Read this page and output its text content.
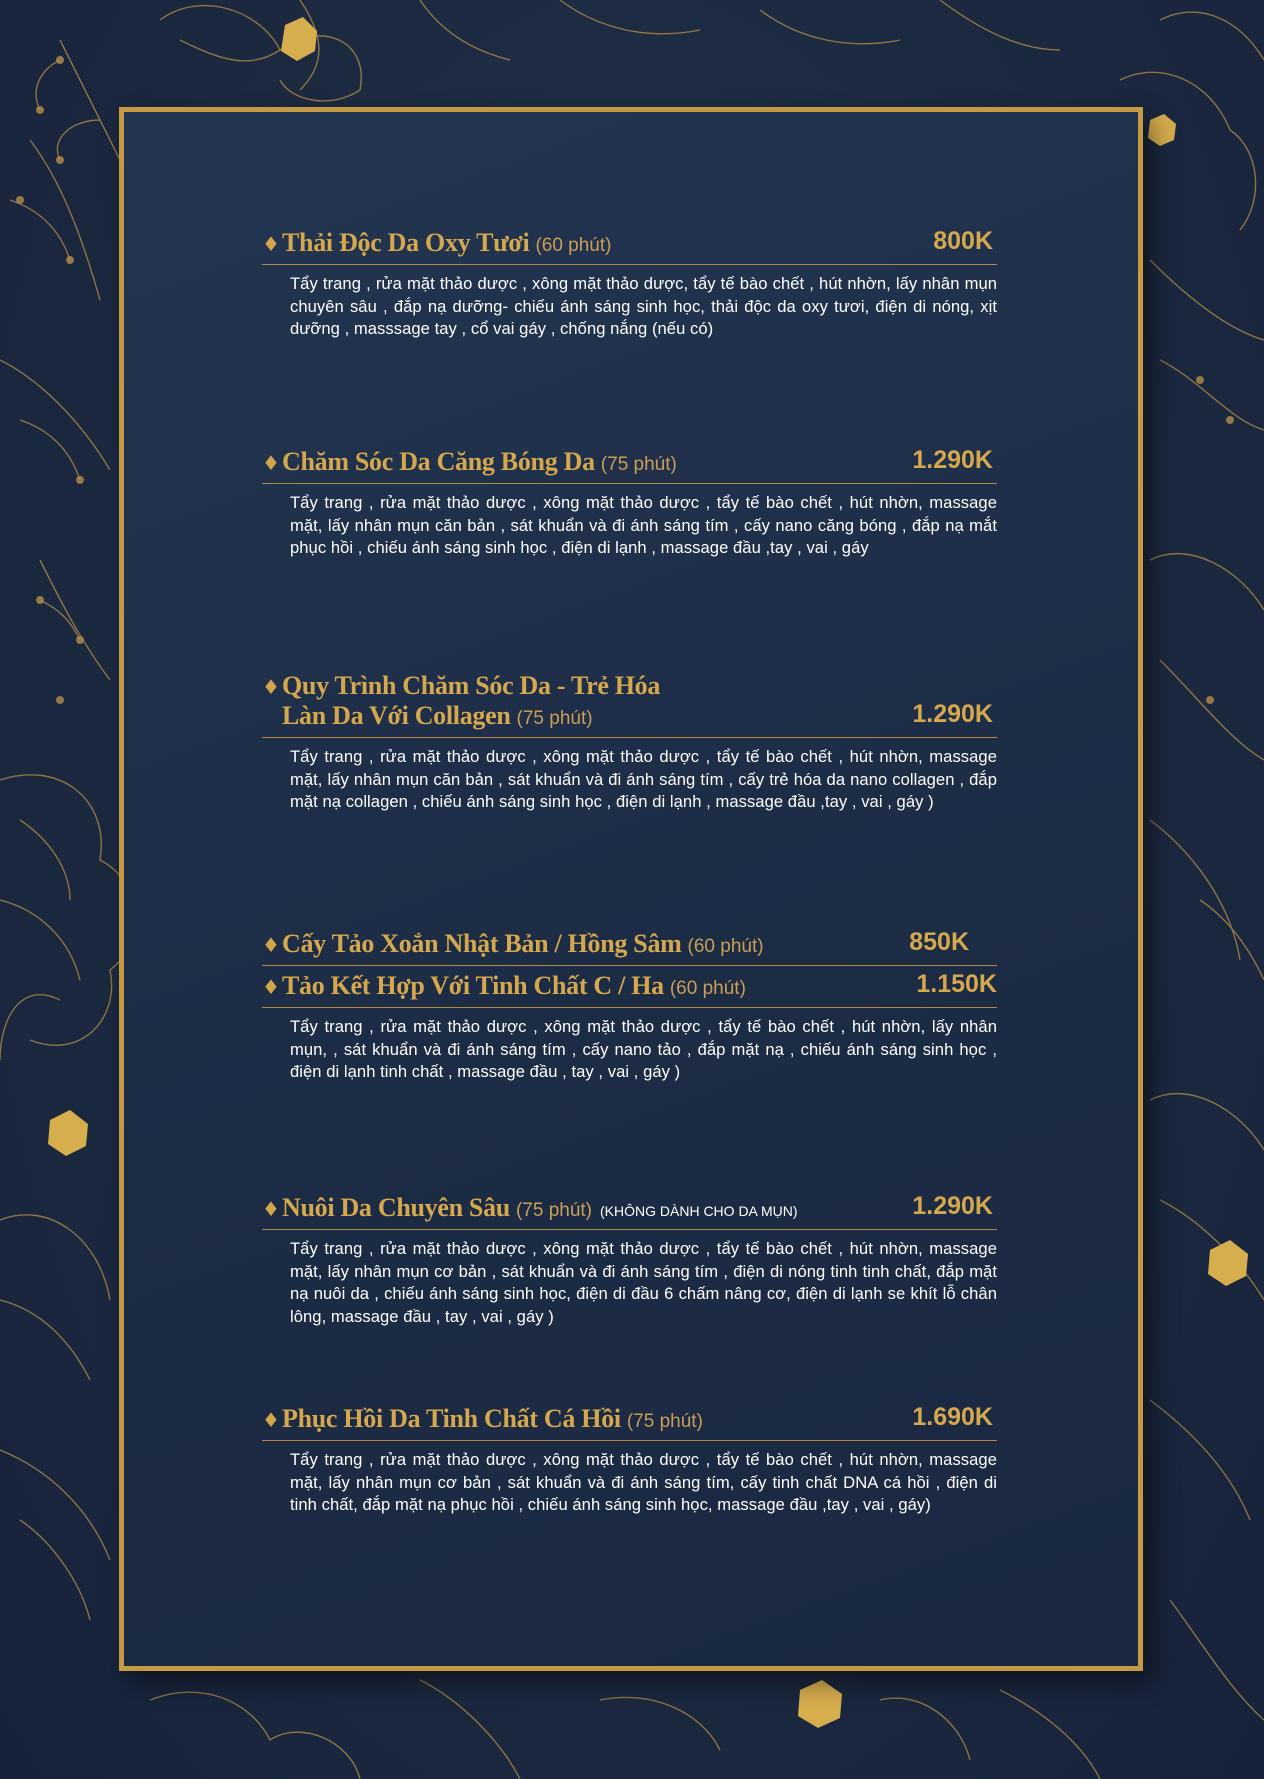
♦ Thải Độc Da Oxy Tươi (60 phút)	800K

Tẩy trang , rửa mặt thảo dược , xông mặt thảo dược, tẩy tế bào chết , hút nhờn, lấy nhân mụn chuyên sâu , đắp nạ dưỡng- chiếu ánh sáng sinh học, thải độc da oxy tươi, điện di nóng, xịt dưỡng , masssage tay , cổ vai gáy , chống nắng (nếu có)

♦ Chăm Sóc Da Căng Bóng Da (75 phút)	1.290K

Tẩy trang , rửa mặt thảo dược , xông mặt thảo dược , tẩy tế bào chết , hút nhờn, massage mặt, lấy nhân mụn căn bản , sát khuẩn và đi ánh sáng tím , cấy nano căng bóng , đắp nạ mắt phục hồi , chiếu ánh sáng sinh học , điện di lạnh , massage đầu ,tay , vai , gáy

♦ Quy Trình Chăm Sóc Da - Trẻ Hóa
Làn Da Với Collagen (75 phút)	1.290K

Tẩy trang , rửa mặt thảo dược , xông mặt thảo dược , tẩy tế bào chết , hút nhờn, massage mặt, lấy nhân mụn căn bản , sát khuẩn và đi ánh sáng tím , cấy trẻ hóa da nano collagen , đắp mặt nạ collagen , chiếu ánh sáng sinh học , điện di lạnh , massage đầu ,tay , vai , gáy )

♦ Cấy Tảo Xoắn Nhật Bản / Hồng Sâm (60 phút)	850K
♦ Tảo Kết Hợp Với Tinh Chất C / Ha (60 phút)	1.150K

Tẩy trang , rửa mặt thảo dược , xông mặt thảo dược , tẩy tế bào chết , hút nhờn, lấy nhân mụn, , sát khuẩn và đi ánh sáng tím , cấy nano tảo , đắp mặt nạ , chiếu ánh sáng sinh học , điện di lạnh tinh chất , massage đầu , tay , vai , gáy )

♦ Nuôi Da Chuyên Sâu (75 phút) (KHÔNG DÀNH CHO DA MỤN)	1.290K

Tẩy trang , rửa mặt thảo dược , xông mặt thảo dược , tẩy tế bào chết , hút nhờn, massage mặt, lấy nhân mụn cơ bản , sát khuẩn và đi ánh sáng tím , điện di nóng tinh tinh chất, đắp mặt nạ nuôi da , chiếu ánh sáng sinh học, điện di đầu 6 chấm nâng cơ, điện di lạnh se khít lỗ chân lông, massage đầu , tay , vai , gáy )

♦ Phục Hồi Da Tinh Chất Cá Hồi (75 phút)	1.690K

Tẩy trang , rửa mặt thảo dược , xông mặt thảo dược , tẩy tế bào chết , hút nhờn, massage mặt, lấy nhân mụn cơ bản , sát khuẩn và đi ánh sáng tím, cấy tinh chất DNA cá hồi , điện di tinh chất, đắp mặt nạ phục hồi , chiếu ánh sáng sinh học, massage đầu ,tay , vai , gáy)
